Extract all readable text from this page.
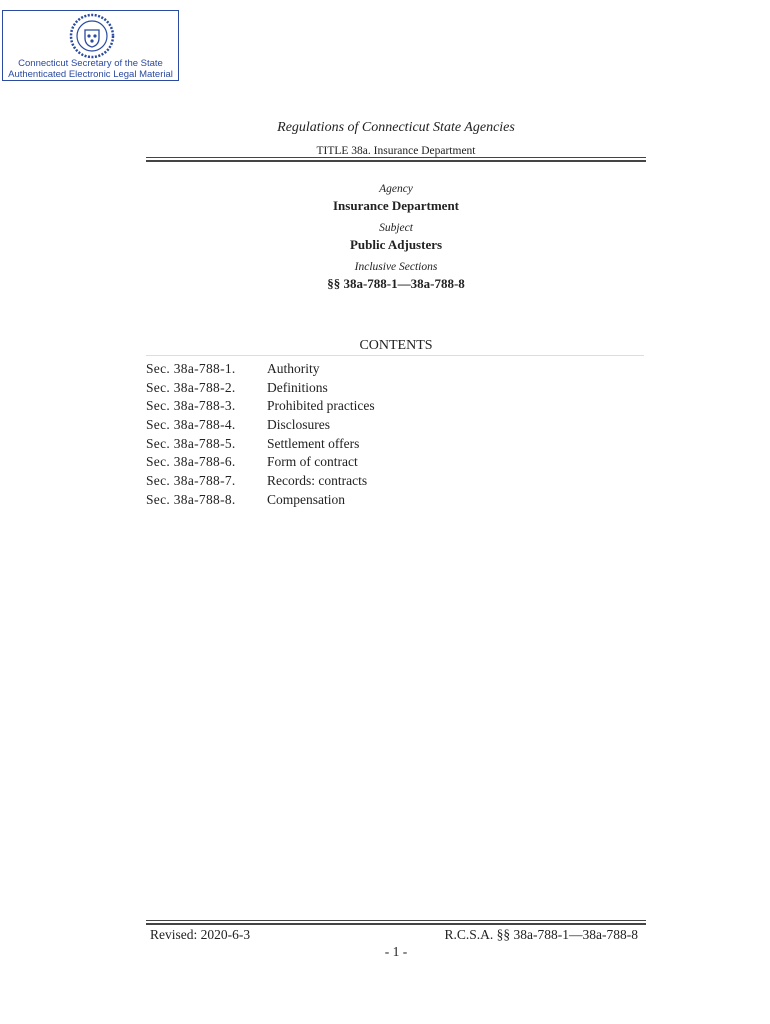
Connecticut Secretary of the State
Authenticated Electronic Legal Material
Regulations of Connecticut State Agencies
TITLE 38a. Insurance Department
Agency
Insurance Department
Subject
Public Adjusters
Inclusive Sections
§§ 38a-788-1—38a-788-8
CONTENTS
Sec. 38a-788-1. Authority
Sec. 38a-788-2. Definitions
Sec. 38a-788-3. Prohibited practices
Sec. 38a-788-4. Disclosures
Sec. 38a-788-5. Settlement offers
Sec. 38a-788-6. Form of contract
Sec. 38a-788-7. Records: contracts
Sec. 38a-788-8. Compensation
Revised: 2020-6-3	R.C.S.A. §§ 38a-788-1—38a-788-8
- 1 -
